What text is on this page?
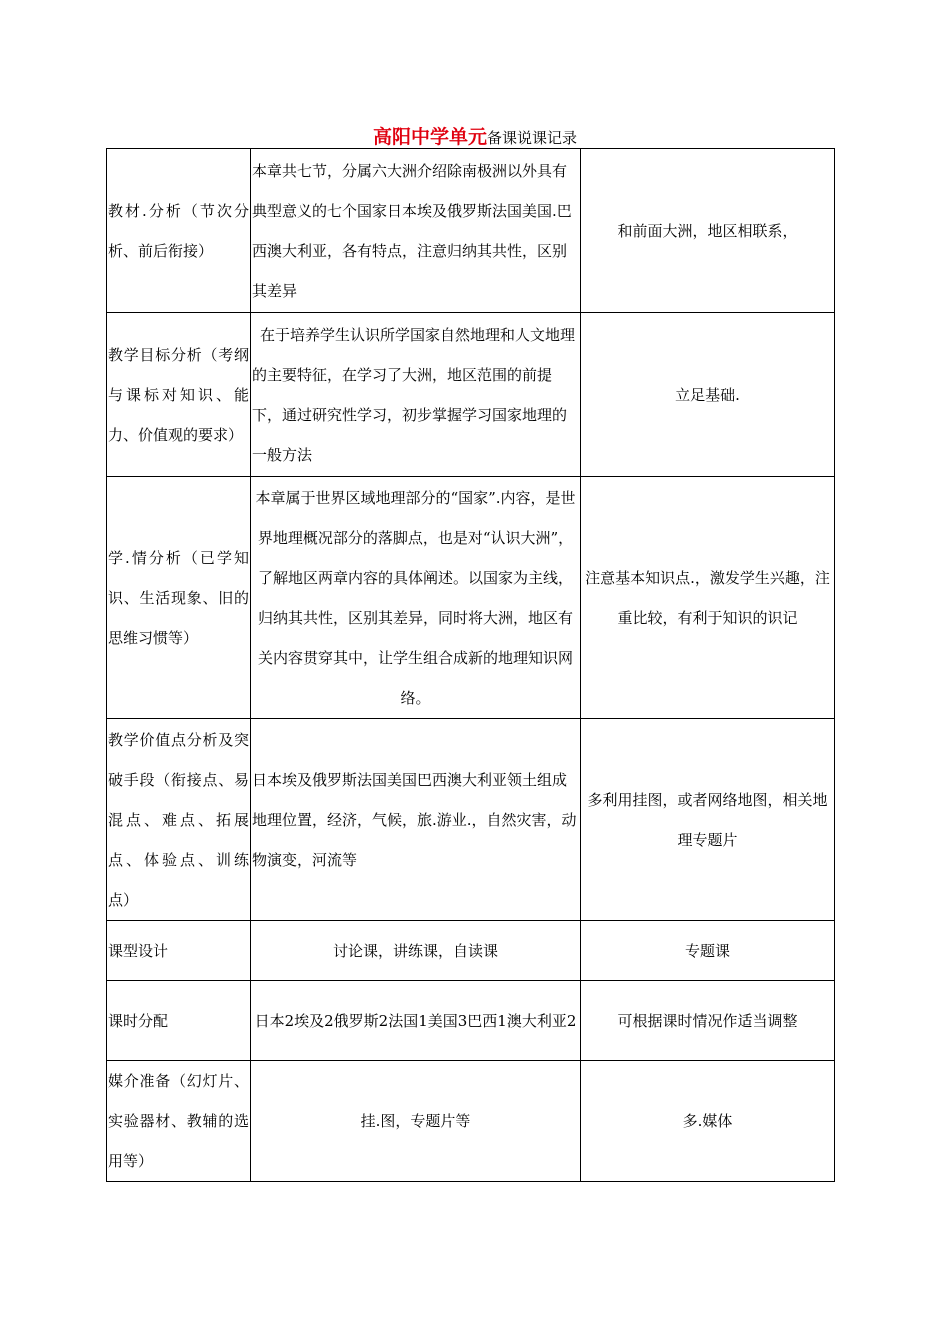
高阳中学单元备课说课记录
教材.分析（节次分析、前后衔接）	本章共七节，分属六大洲介绍除南极洲以外具有典型意义的七个国家日本埃及俄罗斯法国美国.巴西澳大利亚，各有特点，注意归纳其共性，区别其差异	和前面大洲，地区相联系，
教学目标分析（考纲与课标对知识、能力、价值观的要求）	在于培养学生认识所学国家自然地理和人文地理的主要特征，在学习了大洲，地区范围的前提下，通过研究性学习，初步掌握学习国家地理的一般方法	立足基础.
学.情分析（已学知识、生活现象、旧的思维习惯等）	本章属于世界区域地理部分的“国家”.内容，是世界地理概况部分的落脚点，也是对“认识大洲”，了解地区两章内容的具体阐述。以国家为主线，归纳其共性，区别其差异，同时将大洲，地区有关内容贯穿其中，让学生组合成新的地理知识网络。	注意基本知识点.，激发学生兴趣，注重比较，有利于知识的识记
教学价值点分析及突破手段（衔接点、易混点、难点、拓展点、体验点、训练点）	日本埃及俄罗斯法国美国巴西澳大利亚领土组成地理位置，经济，气候，旅.游业.，自然灾害，动物演变，河流等	多利用挂图，或者网络地图，相关地理专题片
课型设计	讨论课，讲练课，自读课	专题课
课时分配	日本2埃及2俄罗斯2法国1美国3巴西1澳大利亚2	可根据课时情况作适当调整
媒介准备（幻灯片、实验器材、教辅的选用等）	挂.图，专题片等	多.媒体
